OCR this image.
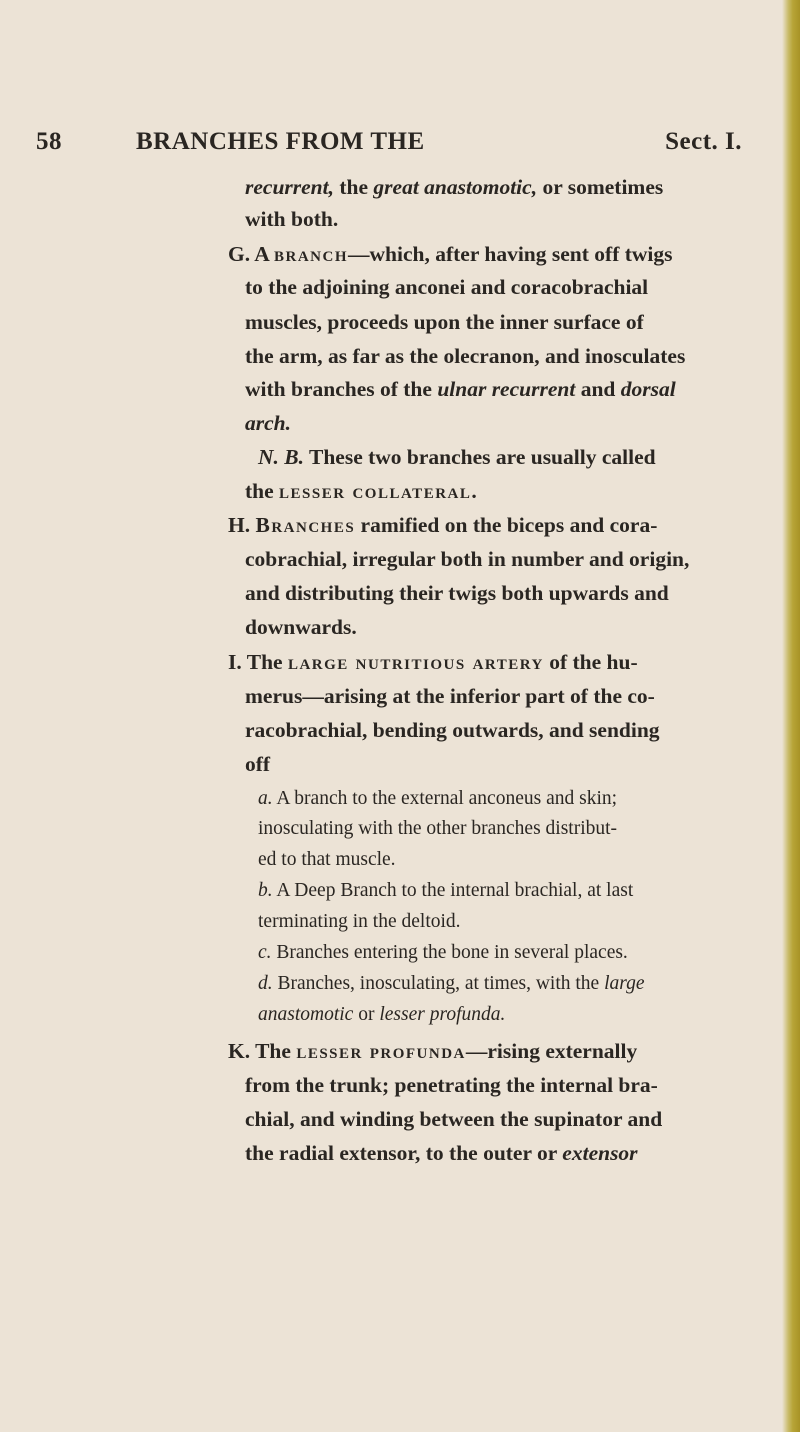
58	BRANCHES FROM THE	Sect. I.
recurrent, the great anastomotic, or sometimes
with both.
G. A branch—which, after having sent off twigs
to the adjoining anconei and coracobrachial
muscles, proceeds upon the inner surface of
the arm, as far as the olecranon, and inosculates
with branches of the ulnar recurrent and dorsal
arch.
N. B. These two branches are usually called
the lesser collateral.
H. Branches ramified on the biceps and cora-
cobrachial, irregular both in number and origin,
and distributing their twigs both upwards and
downwards.
I. The large nutritious artery of the hu-
merus—arising at the inferior part of the co-
racobrachial, bending outwards, and sending
off
a. A branch to the external anconeus and skin;
inosculating with the other branches distribut-
ed to that muscle.
b. A Deep Branch to the internal brachial, at last
terminating in the deltoid.
c. Branches entering the bone in several places.
d. Branches, inosculating, at times, with the large
anastomotic or lesser profunda.
K. The lesser profunda—rising externally
from the trunk; penetrating the internal bra-
chial, and winding between the supinator and
the radial extensor, to the outer or extensor
